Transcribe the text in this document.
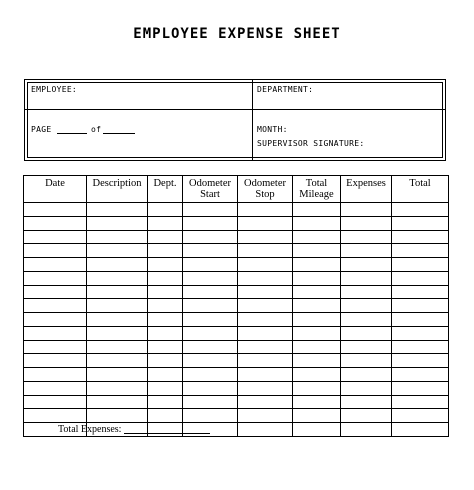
EMPLOYEE EXPENSE SHEET
EMPLOYEE:	DEPARTMENT:
PAGE	of	MONTH:
SUPERVISOR SIGNATURE:
Date	Description	Dept.	Odometer Start	Odometer Stop	Total Mileage	Expenses	Total

Total Expenses:
